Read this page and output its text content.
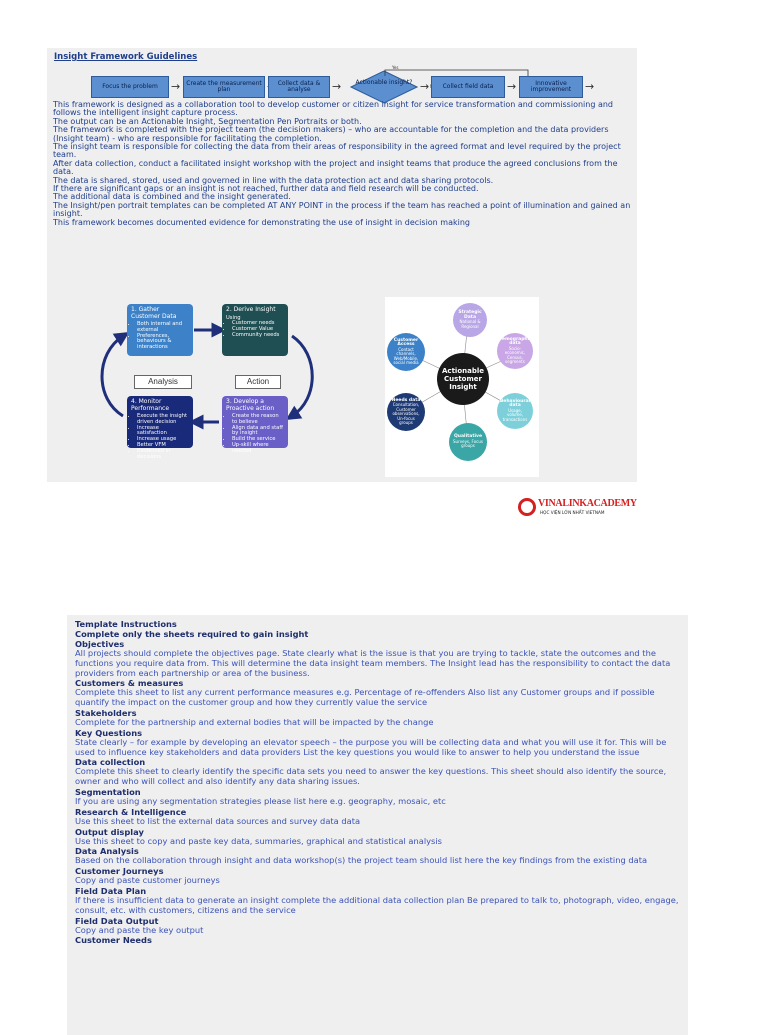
Insight Framework Guidelines
Focus the problem	→	Create the measurement plan
Collect data & analyse	→	Actionable insight?
Yes
→	Collect field data	→	Innovative improvement	→
This framework is designed as a collaboration tool to develop customer or citizen insight for service transformation and commissioning and follows the intelligent insight capture process.
The output can be an Actionable Insight, Segmentation Pen Portraits or both.
The framework is completed with the project team (the decision makers) – who are accountable for the completion and the data providers (Insight team) - who are responsible for facilitating the completion.
The insight team is responsible for collecting the data from their areas of responsibility in the agreed format and level required by the project team.
After data collection, conduct a facilitated insight workshop with the project and insight teams that produce the agreed conclusions from the data.
The data is shared, stored, used and governed in line with the data protection act and data sharing protocols.
If there are significant gaps or an insight is not reached, further data and field research will be conducted.
The additional data is combined and the insight generated.
The Insight/pen portrait templates can be completed AT ANY POINT in the process if the team has reached a point of illumination and gained an insight.
This framework becomes documented evidence for demonstrating the use of insight in decision making
1. Gather Customer Data
• Both internal and external
• Preferences, behaviours & interactions
2. Derive Insight
Using
• Customer needs
• Customer Value
• Community needs
3. Develop a Proactive action
• Create the reason to believe
• Align data and staff by insight
• Build the service
• Up-skill where needed
4. Monitor Performance
• Execute the insight driven decision
• Increase satisfaction
• Increase usage
• Better VFM
• Evidenced in decisions
Analysis	Action
Actionable Customer Insight
Strategic Data
National & Regional
Demographic data
Socio-economic, Census, segments
Behavioural data
Usage, volume, transactions
Qualitative
Surveys, Focus groups
Needs data
Consultation, Customer observations, Un-focus groups
Customer Access
Contact channels, Web/Mobile, social media
VINALINKACADEMY
HỌC VIỆN LỚN NHẤT VIETNAM
Template Instructions
Complete only the sheets required to gain insight
Objectives
All projects should complete the objectives page. State clearly what is the issue is that you are trying to tackle, state the outcomes and the functions you require data from. This will determine the data insight team members. The Insight lead has the responsibility to contact the data providers from each partnership or area of the business.
Customers & measures
Complete this sheet to list any current performance measures e.g. Percentage of re-offenders Also list any Customer groups and if possible quantify the impact on the customer group and how they currently value the service
Stakeholders
Complete for the partnership and external bodies that will be impacted by the change
Key Questions
State clearly – for example by developing an elevator speech – the purpose you will be collecting data and what you will use it for. This will be used to influence key stakeholders and data providers List the key questions you would like to answer to help you understand the issue
Data collection
Complete this sheet to clearly identify the specific data sets you need to answer the key questions. This sheet should also identify the source, owner and who will collect and also identify any data sharing issues.
Segmentation
If you are using any segmentation strategies please list here e.g. geography, mosaic, etc
Research & Intelligence
Use this sheet to list the external data sources and survey data data
Output display
Use this sheet to copy and paste key data, summaries, graphical and statistical analysis
Data Analysis
Based on the collaboration through insight and data workshop(s) the project team should list here the key findings from the existing data
Customer Journeys
Copy and paste customer journeys
Field Data Plan
If there is insufficient data to generate an insight complete the additional data collection plan Be prepared to talk to, photograph, video, engage, consult, etc. with customers, citizens and the service
Field Data Output
Copy and paste the key output
Customer Needs
